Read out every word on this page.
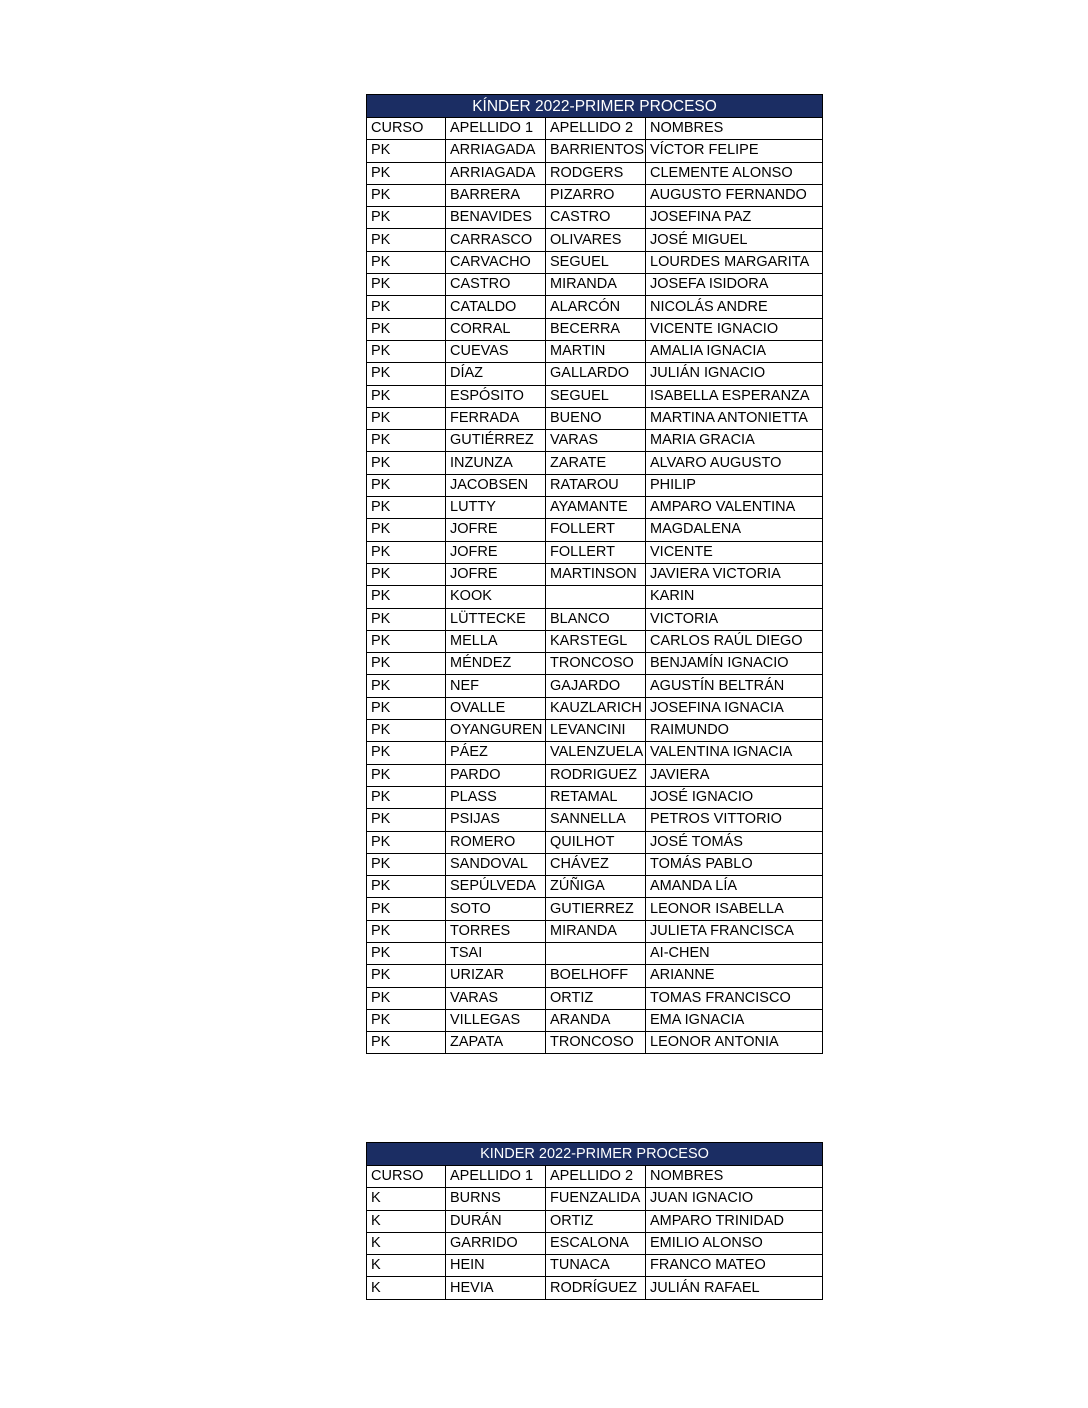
KÍNDER 2022-PRIMER PROCESO			
CURSO	APELLIDO 1	APELLIDO 2	NOMBRES
PK	ARRIAGADA	BARRIENTOS	VÍCTOR FELIPE
PK	ARRIAGADA	RODGERS	CLEMENTE ALONSO
PK	BARRERA	PIZARRO	AUGUSTO FERNANDO
PK	BENAVIDES	CASTRO	JOSEFINA PAZ
PK	CARRASCO	OLIVARES	JOSÉ MIGUEL
PK	CARVACHO	SEGUEL	LOURDES MARGARITA
PK	CASTRO	MIRANDA	JOSEFA ISIDORA
PK	CATALDO	ALARCÓN	NICOLÁS ANDRE
PK	CORRAL	BECERRA	VICENTE IGNACIO
PK	CUEVAS	MARTIN	AMALIA IGNACIA
PK	DÍAZ	GALLARDO	JULIÁN IGNACIO
PK	ESPÓSITO	SEGUEL	ISABELLA ESPERANZA
PK	FERRADA	BUENO	MARTINA ANTONIETTA
PK	GUTIÉRREZ	VARAS	MARIA GRACIA
PK	INZUNZA	ZARATE	ALVARO AUGUSTO
PK	JACOBSEN	RATAROU	PHILIP
PK	LUTTY	AYAMANTE	AMPARO VALENTINA
PK	JOFRE	FOLLERT	MAGDALENA
PK	JOFRE	FOLLERT	VICENTE
PK	JOFRE	MARTINSON	JAVIERA VICTORIA
PK	KOOK		KARIN
PK	LÜTTECKE	BLANCO	VICTORIA
PK	MELLA	KARSTEGL	CARLOS RAÚL DIEGO
PK	MÉNDEZ	TRONCOSO	BENJAMÍN IGNACIO
PK	NEF	GAJARDO	AGUSTÍN BELTRÁN
PK	OVALLE	KAUZLARICH	JOSEFINA IGNACIA
PK	OYANGUREN	LEVANCINI	RAIMUNDO
PK	PÁEZ	VALENZUELA	VALENTINA IGNACIA
PK	PARDO	RODRIGUEZ	JAVIERA
PK	PLASS	RETAMAL	JOSÉ IGNACIO
PK	PSIJAS	SANNELLA	PETROS VITTORIO
PK	ROMERO	QUILHOT	JOSÉ TOMÁS
PK	SANDOVAL	CHÁVEZ	TOMÁS PABLO
PK	SEPÚLVEDA	ZÚÑIGA	AMANDA LÍA
PK	SOTO	GUTIERREZ	LEONOR ISABELLA
PK	TORRES	MIRANDA	JULIETA FRANCISCA
PK	TSAI		AI-CHEN
PK	URIZAR	BOELHOFF	ARIANNE
PK	VARAS	ORTIZ	TOMAS FRANCISCO
PK	VILLEGAS	ARANDA	EMA IGNACIA
PK	ZAPATA	TRONCOSO	LEONOR ANTONIA
KINDER 2022-PRIMER PROCESO			
CURSO	APELLIDO 1	APELLIDO 2	NOMBRES
K	BURNS	FUENZALIDA	JUAN IGNACIO
K	DURÁN	ORTIZ	AMPARO TRINIDAD
K	GARRIDO	ESCALONA	EMILIO ALONSO
K	HEIN	TUNACA	FRANCO MATEO
K	HEVIA	RODRÍGUEZ	JULIÁN RAFAEL
